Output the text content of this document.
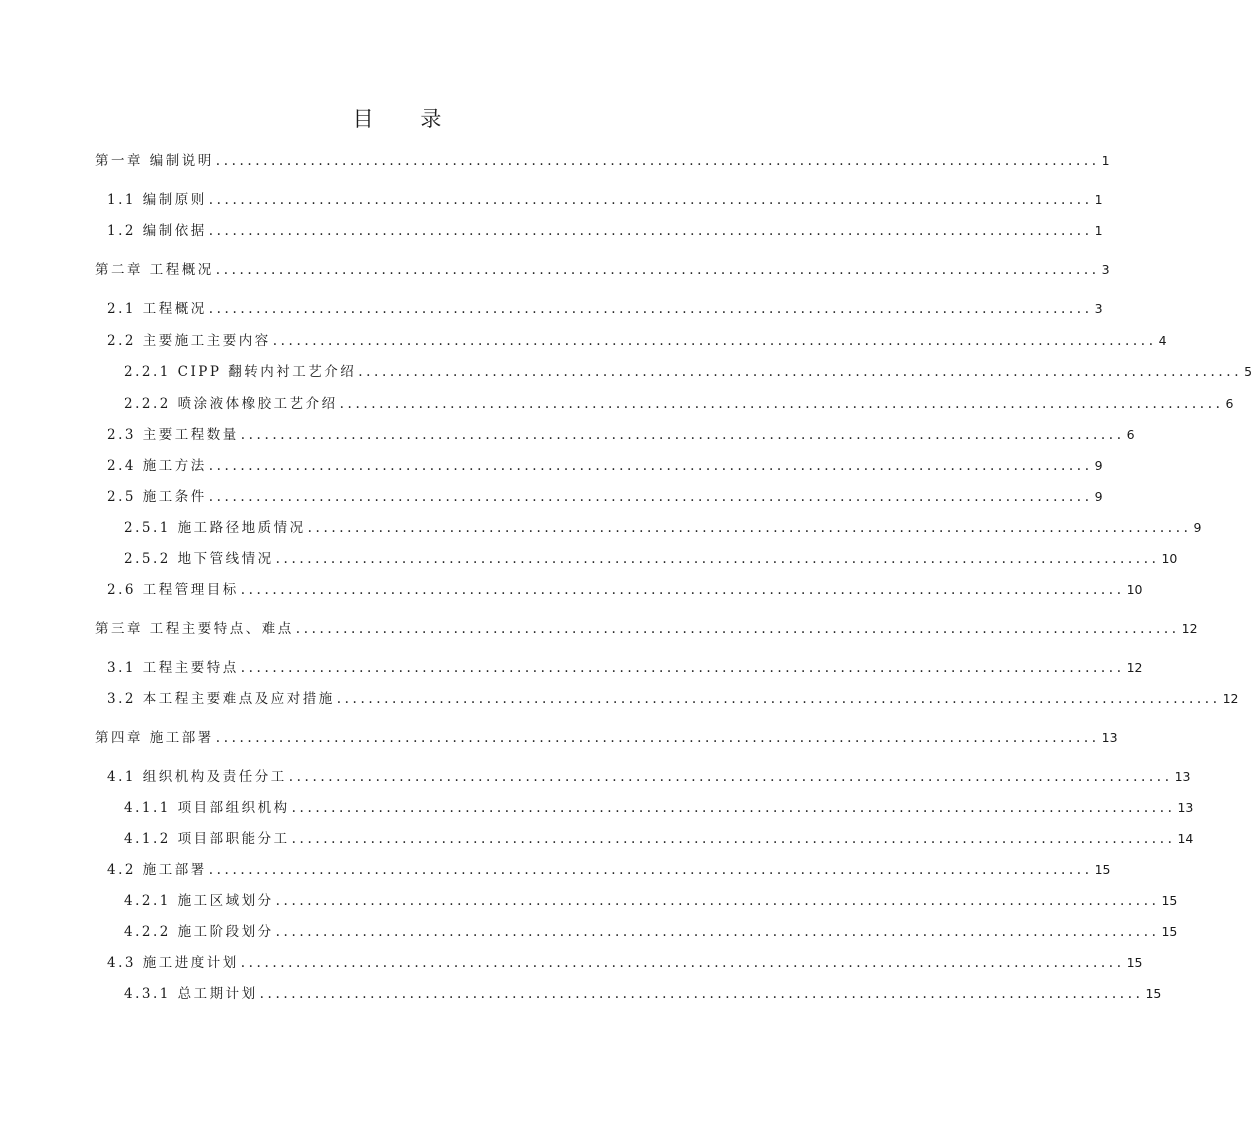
目 录
第一章 编制说明 ................................................................................................................ 1
1.1 编制原则 ................................................................................................................ 1
1.2 编制依据 ................................................................................................................ 1
第二章 工程概况 ................................................................................................................ 3
2.1 工程概况 ................................................................................................................ 3
2.2 主要施工主要内容 ................................................................................................................ 4
2.2.1 CIPP 翻转内衬工艺介绍 ................................................................................................................ 5
2.2.2 喷涂液体橡胶工艺介绍 ................................................................................................................ 6
2.3 主要工程数量 ................................................................................................................ 6
2.4 施工方法 ................................................................................................................ 9
2.5 施工条件 ................................................................................................................ 9
2.5.1 施工路径地质情况 ................................................................................................................ 9
2.5.2 地下管线情况 ................................................................................................................ 10
2.6 工程管理目标 ................................................................................................................ 10
第三章 工程主要特点、难点 ................................................................................................................ 12
3.1 工程主要特点 ................................................................................................................ 12
3.2 本工程主要难点及应对措施 ................................................................................................................ 12
第四章 施工部署 ................................................................................................................ 13
4.1 组织机构及责任分工 ................................................................................................................ 13
4.1.1 项目部组织机构 ................................................................................................................ 13
4.1.2 项目部职能分工 ................................................................................................................ 14
4.2 施工部署 ................................................................................................................ 15
4.2.1 施工区域划分 ................................................................................................................ 15
4.2.2 施工阶段划分 ................................................................................................................ 15
4.3 施工进度计划 ................................................................................................................ 15
4.3.1 总工期计划 ................................................................................................................ 15
